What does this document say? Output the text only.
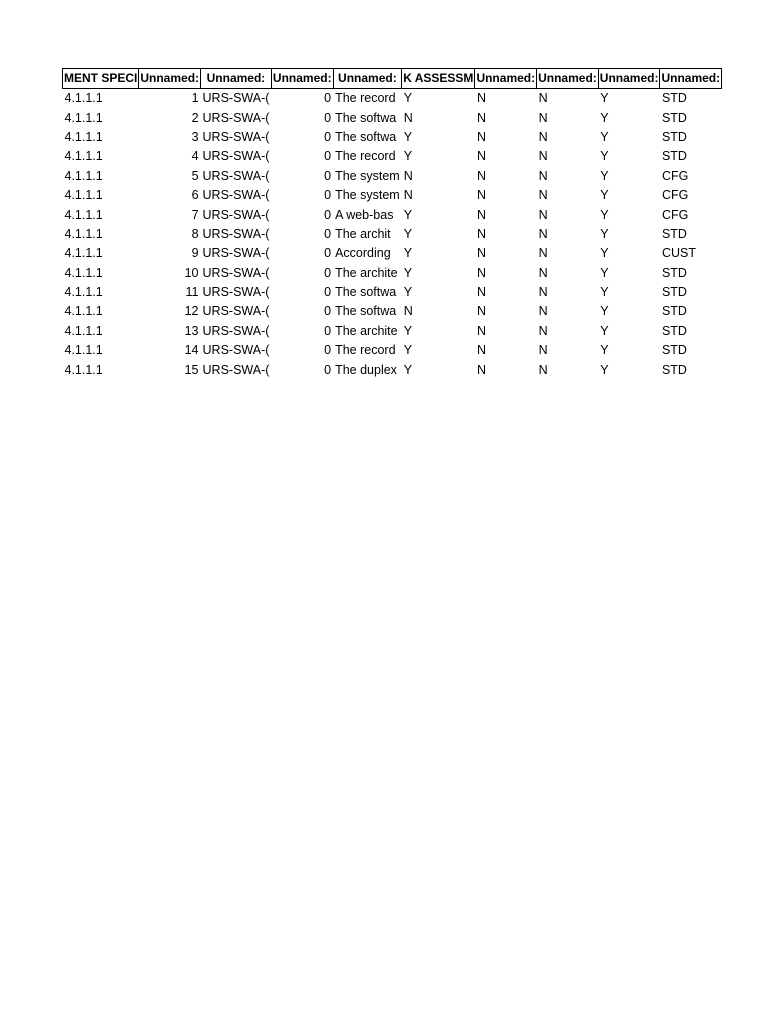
MENT SPECI	Unnamed:	Unnamed:	Unnamed:	Unnamed:	K ASSESSM	Unnamed:	Unnamed:	Unnamed:	Unnamed:

4.1.1.1	1	URS-SWA-(	0	The record	Y	N	N	Y	STD
4.1.1.1	2	URS-SWA-(	0	The softwa	N	N	N	Y	STD
4.1.1.1	3	URS-SWA-(	0	The softwa	Y	N	N	Y	STD
4.1.1.1	4	URS-SWA-(	0	The record	Y	N	N	Y	STD
4.1.1.1	5	URS-SWA-(	0	The system	N	N	N	Y	CFG
4.1.1.1	6	URS-SWA-(	0	The system	N	N	N	Y	CFG
4.1.1.1	7	URS-SWA-(	0	A web-bas	Y	N	N	Y	CFG
4.1.1.1	8	URS-SWA-(	0	The archit	Y	N	N	Y	STD
4.1.1.1	9	URS-SWA-(	0	According	Y	N	N	Y	CUST
4.1.1.1	10	URS-SWA-(	0	The archite	Y	N	N	Y	STD
4.1.1.1	11	URS-SWA-(	0	The softwa	Y	N	N	Y	STD
4.1.1.1	12	URS-SWA-(	0	The softwa	N	N	N	Y	STD
4.1.1.1	13	URS-SWA-(	0	The archite	Y	N	N	Y	STD
4.1.1.1	14	URS-SWA-(	0	The record	Y	N	N	Y	STD
4.1.1.1	15	URS-SWA-(	0	The duplex	Y	N	N	Y	STD
